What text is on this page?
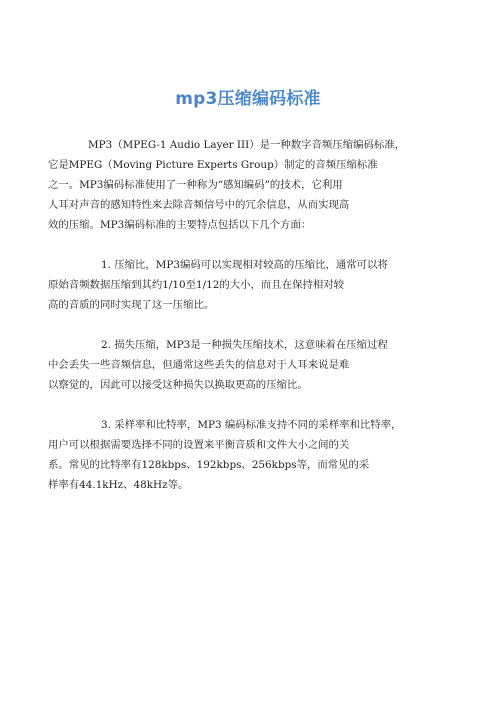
mp3压缩编码标准
MP3（MPEG-1 Audio Layer III）是一种数字音频压缩编码标准，
它是MPEG（Moving Picture Experts Group）制定的音频压缩标准
之一。MP3编码标准使用了一种称为“感知编码”的技术，它利用
人耳对声音的感知特性来去除音频信号中的冗余信息，从而实现高
效的压缩。MP3编码标准的主要特点包括以下几个方面：
1. 压缩比，MP3编码可以实现相对较高的压缩比，通常可以将
原始音频数据压缩到其约1/10至1/12的大小，而且在保持相对较
高的音质的同时实现了这一压缩比。
2. 损失压缩，MP3是一种损失压缩技术，这意味着在压缩过程
中会丢失一些音频信息，但通常这些丢失的信息对于人耳来说是难
以察觉的，因此可以接受这种损失以换取更高的压缩比。
3. 采样率和比特率，MP3 编码标准支持不同的采样率和比特率，
用户可以根据需要选择不同的设置来平衡音质和文件大小之间的关
系。常见的比特率有128kbps、192kbps、256kbps等，而常见的采
样率有44.1kHz、48kHz等。
